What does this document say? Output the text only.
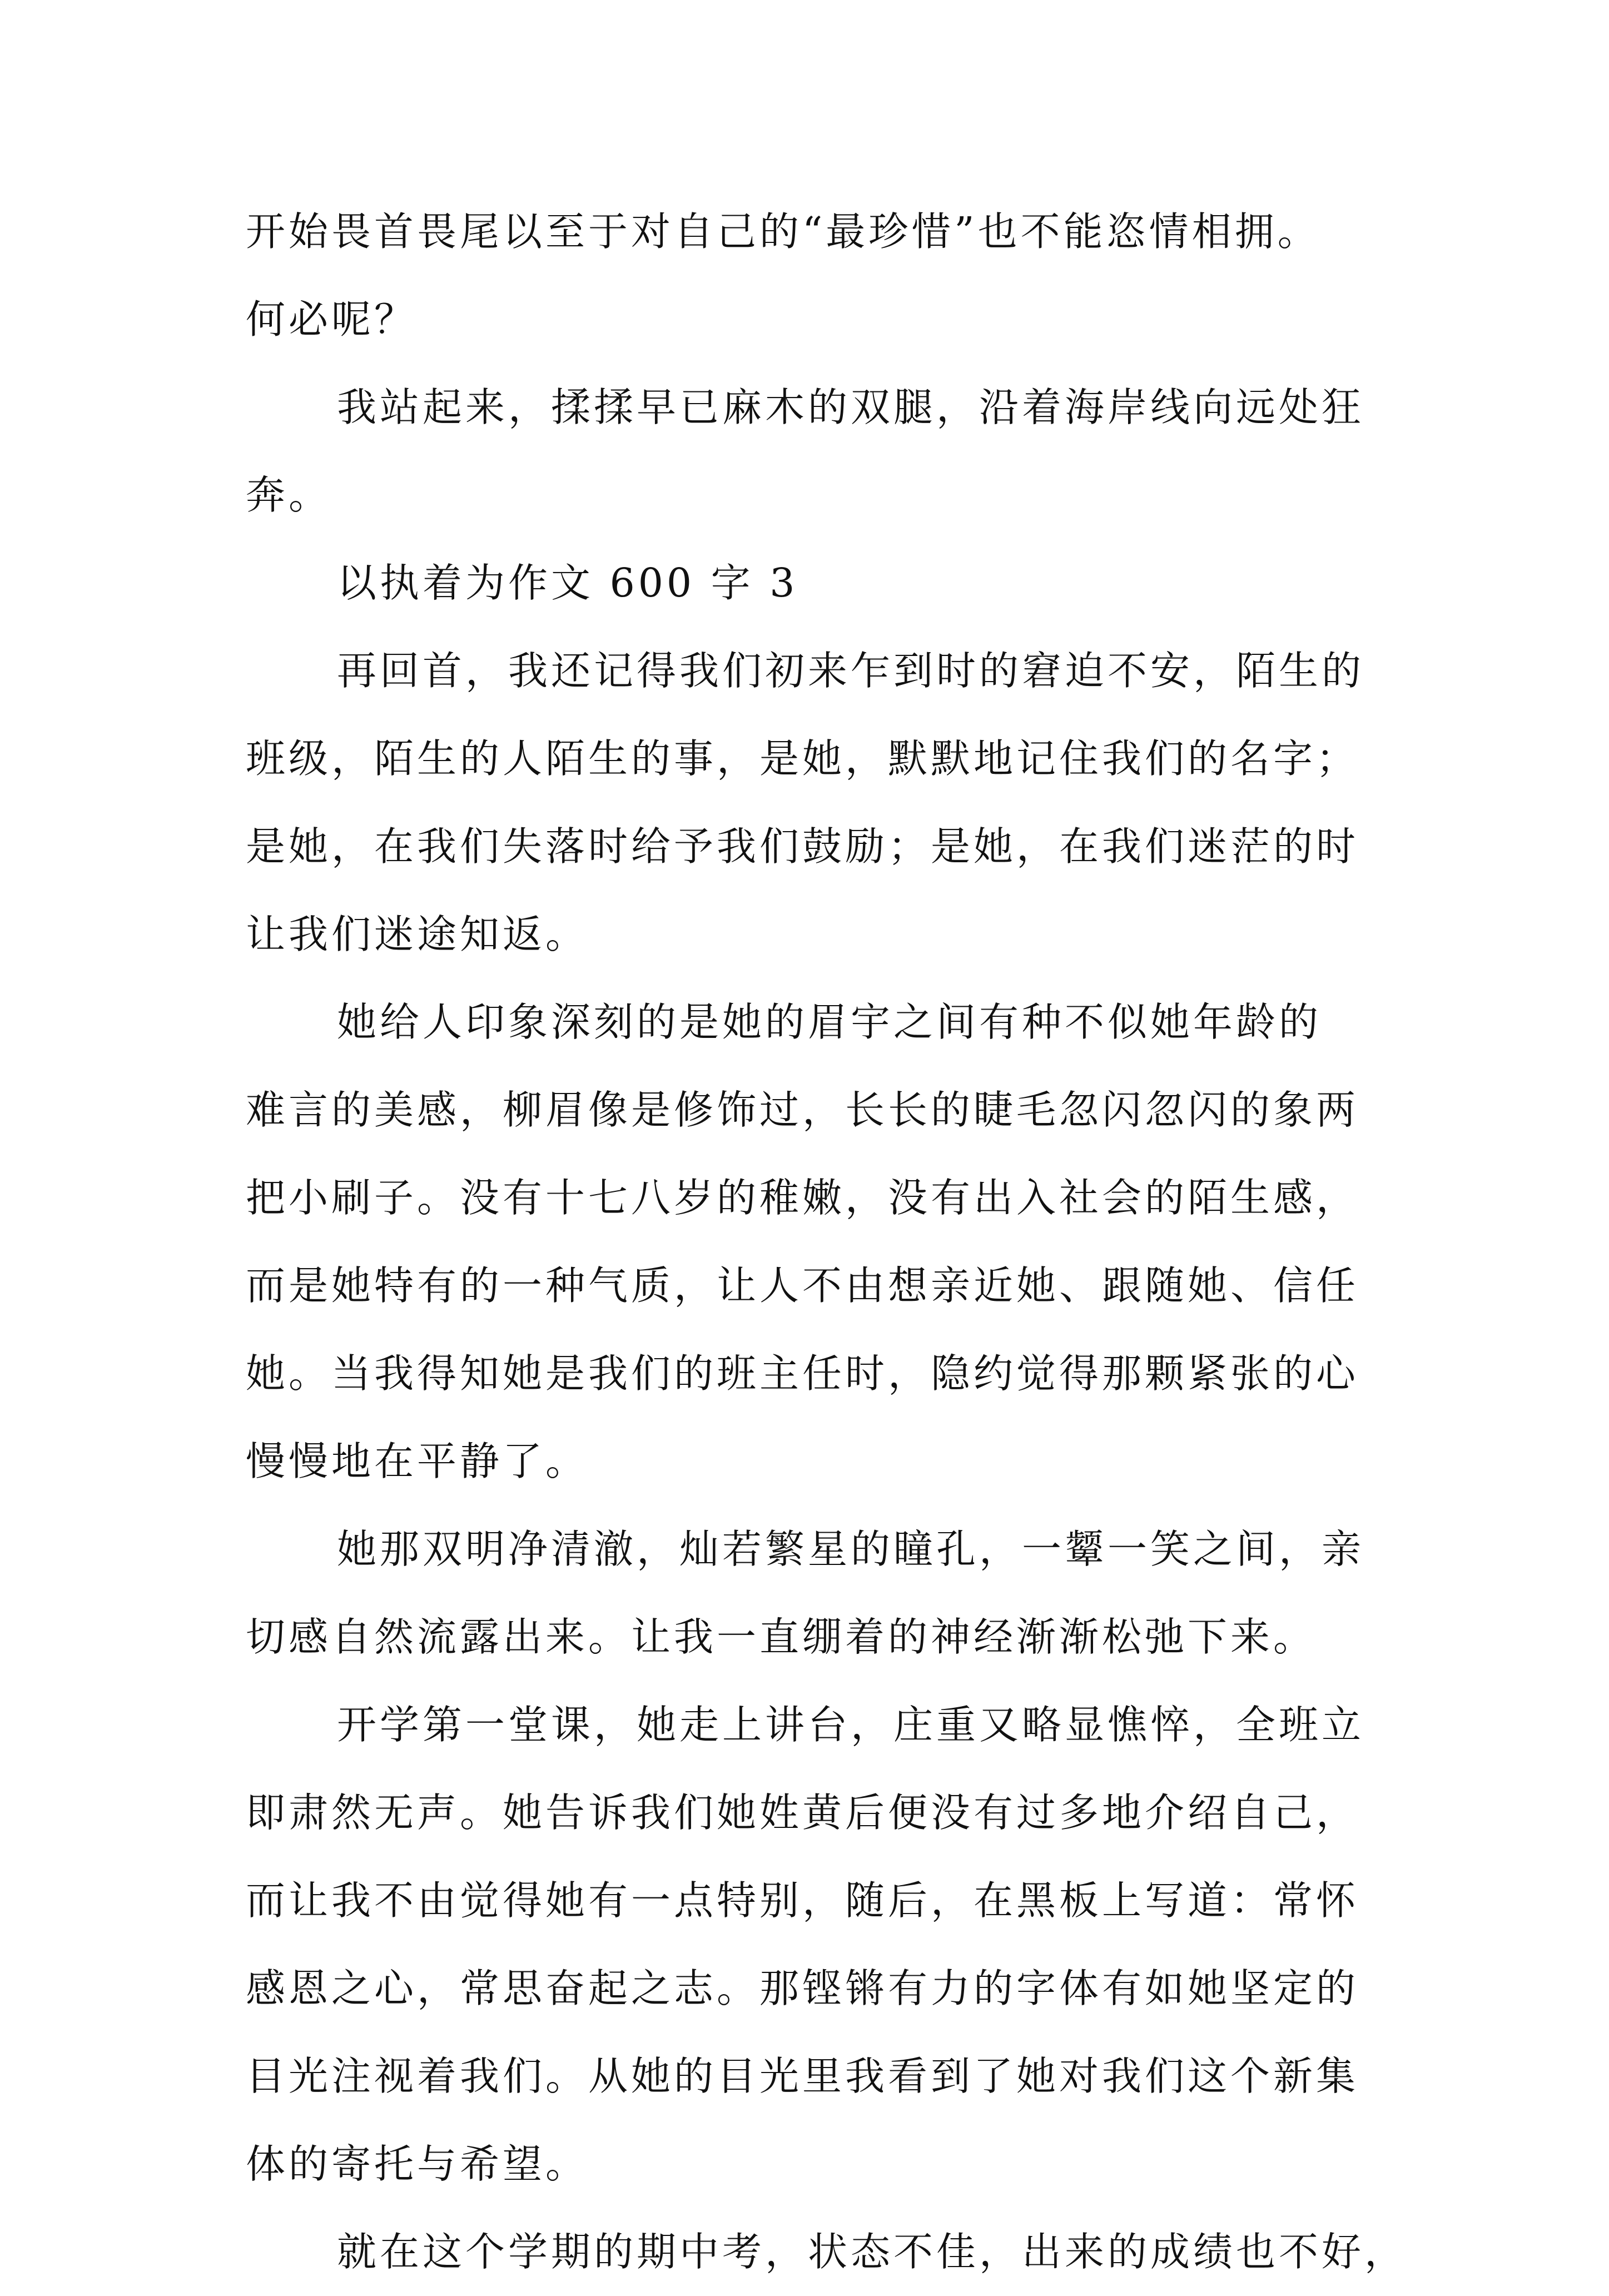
开始畏首畏尾以至于对自己的“最珍惜”也不能恣情相拥。
何必呢？

我站起来，揉揉早已麻木的双腿，沿着海岸线向远处狂
奔。

以执着为作文 600 字 3

再回首，我还记得我们初来乍到时的窘迫不安，陌生的
班级，陌生的人陌生的事，是她，默默地记住我们的名字；
是她，在我们失落时给予我们鼓励；是她，在我们迷茫的时
让我们迷途知返。

她给人印象深刻的是她的眉宇之间有种不似她年龄的
难言的美感，柳眉像是修饰过，长长的睫毛忽闪忽闪的象两
把小刷子。没有十七八岁的稚嫩，没有出入社会的陌生感，
而是她特有的一种气质，让人不由想亲近她、跟随她、信任
她。当我得知她是我们的班主任时，隐约觉得那颗紧张的心
慢慢地在平静了。

她那双明净清澈，灿若繁星的瞳孔，一颦一笑之间，亲
切感自然流露出来。让我一直绷着的神经渐渐松弛下来。

开学第一堂课，她走上讲台，庄重又略显憔悴，全班立
即肃然无声。她告诉我们她姓黄后便没有过多地介绍自己，
而让我不由觉得她有一点特别，随后，在黑板上写道：常怀
感恩之心，常思奋起之志。那铿锵有力的字体有如她坚定的
目光注视着我们。从她的目光里我看到了她对我们这个新集
体的寄托与希望。

就在这个学期的期中考，状态不佳，出来的成绩也不好，
